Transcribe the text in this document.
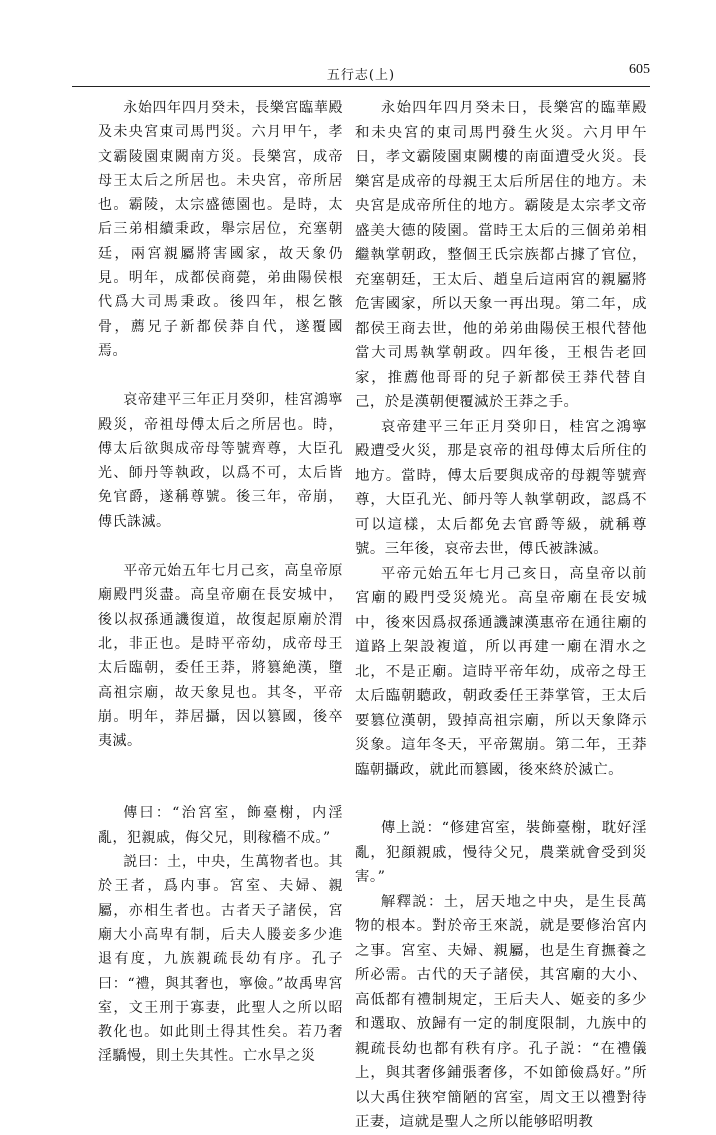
五行志(上)	605

永始四年四月癸未，長樂宮臨華殿及未央宮東司馬門災。六月甲午，孝文霸陵園東闕南方災。長樂宮，成帝母王太后之所居也。未央宮，帝所居也。霸陵，太宗盛德園也。是時，太后三弟相續秉政，舉宗居位，充塞朝廷，兩宮親屬將害國家，故天象仍見。明年，成都侯商薨，弟曲陽侯根代爲大司馬秉政。後四年，根乞骸骨，薦兄子新都侯莽自代，遂覆國焉。

哀帝建平三年正月癸卯，桂宮鴻寧殿災，帝祖母傅太后之所居也。時，傅太后欲與成帝母等號齊尊，大臣孔光、師丹等執政，以爲不可，太后皆免官爵，遂稱尊號。後三年，帝崩，傅氏誅滅。

平帝元始五年七月己亥，高皇帝原廟殿門災盡。高皇帝廟在長安城中，後以叔孫通譏復道，故復起原廟於渭北，非正也。是時平帝幼，成帝母王太后臨朝，委任王莽，將篡絶漢，墮高祖宗廟，故天象見也。其冬，平帝崩。明年，莽居攝，因以篡國，後卒夷滅。

傳曰：“治宮室，飾臺榭，内淫亂，犯親戚，侮父兄，則稼穡不成。”

説曰：土，中央，生萬物者也。其於王者，爲内事。宮室、夫婦、親屬，亦相生者也。古者天子諸侯，宮廟大小高卑有制，后夫人媵妾多少進退有度，九族親疏長幼有序。孔子曰：“禮，與其奢也，寧儉。”故禹卑宮室，文王刑于寡妻，此聖人之所以昭教化也。如此則土得其性矣。若乃奢淫驕慢，則土失其性。亡水旱之災

永始四年四月癸未日，長樂宮的臨華殿和未央宮的東司馬門發生火災。六月甲午日，孝文霸陵園東闕樓的南面遭受火災。長樂宮是成帝的母親王太后所居住的地方。未央宮是成帝所住的地方。霸陵是太宗孝文帝盛美大德的陵園。當時王太后的三個弟弟相繼執掌朝政，整個王氏宗族都占據了官位，充塞朝廷，王太后、趙皇后這兩宮的親屬將危害國家，所以天象一再出現。第二年，成都侯王商去世，他的弟弟曲陽侯王根代替他當大司馬執掌朝政。四年後，王根告老回家，推薦他哥哥的兒子新都侯王莽代替自己，於是漢朝便覆滅於王莽之手。

哀帝建平三年正月癸卯日，桂宮之鴻寧殿遭受火災，那是哀帝的祖母傅太后所住的地方。當時，傅太后要與成帝的母親等號齊尊，大臣孔光、師丹等人執掌朝政，認爲不可以這樣，太后都免去官爵等級，就稱尊號。三年後，哀帝去世，傅氏被誅滅。

平帝元始五年七月己亥日，高皇帝以前宮廟的殿門受災燒光。高皇帝廟在長安城中，後來因爲叔孫通譏諫漢惠帝在通往廟的道路上架設複道，所以再建一廟在渭水之北，不是正廟。這時平帝年幼，成帝之母王太后臨朝聽政，朝政委任王莽掌管，王太后要篡位漢朝，毀掉高祖宗廟，所以天象降示災象。這年冬天，平帝駕崩。第二年，王莽臨朝攝政，就此而篡國，後來終於滅亡。

傳上説：“修建宮室，裝飾臺榭，耽好淫亂，犯顔親戚，慢待父兄，農業就會受到災害。”

解釋説：土，居天地之中央，是生長萬物的根本。對於帝王來説，就是要修治宮内之事。宮室、夫婦、親屬，也是生育撫養之所必需。古代的天子諸侯，其宮廟的大小、高低都有禮制規定，王后夫人、姬妾的多少和選取、放歸有一定的制度限制，九族中的親疏長幼也都有秩有序。孔子説：“在禮儀上，與其奢侈鋪張奢侈，不如節儉爲好。”所以大禹住狹窄簡陋的宮室，周文王以禮對待正妻，這就是聖人之所以能够昭明教
